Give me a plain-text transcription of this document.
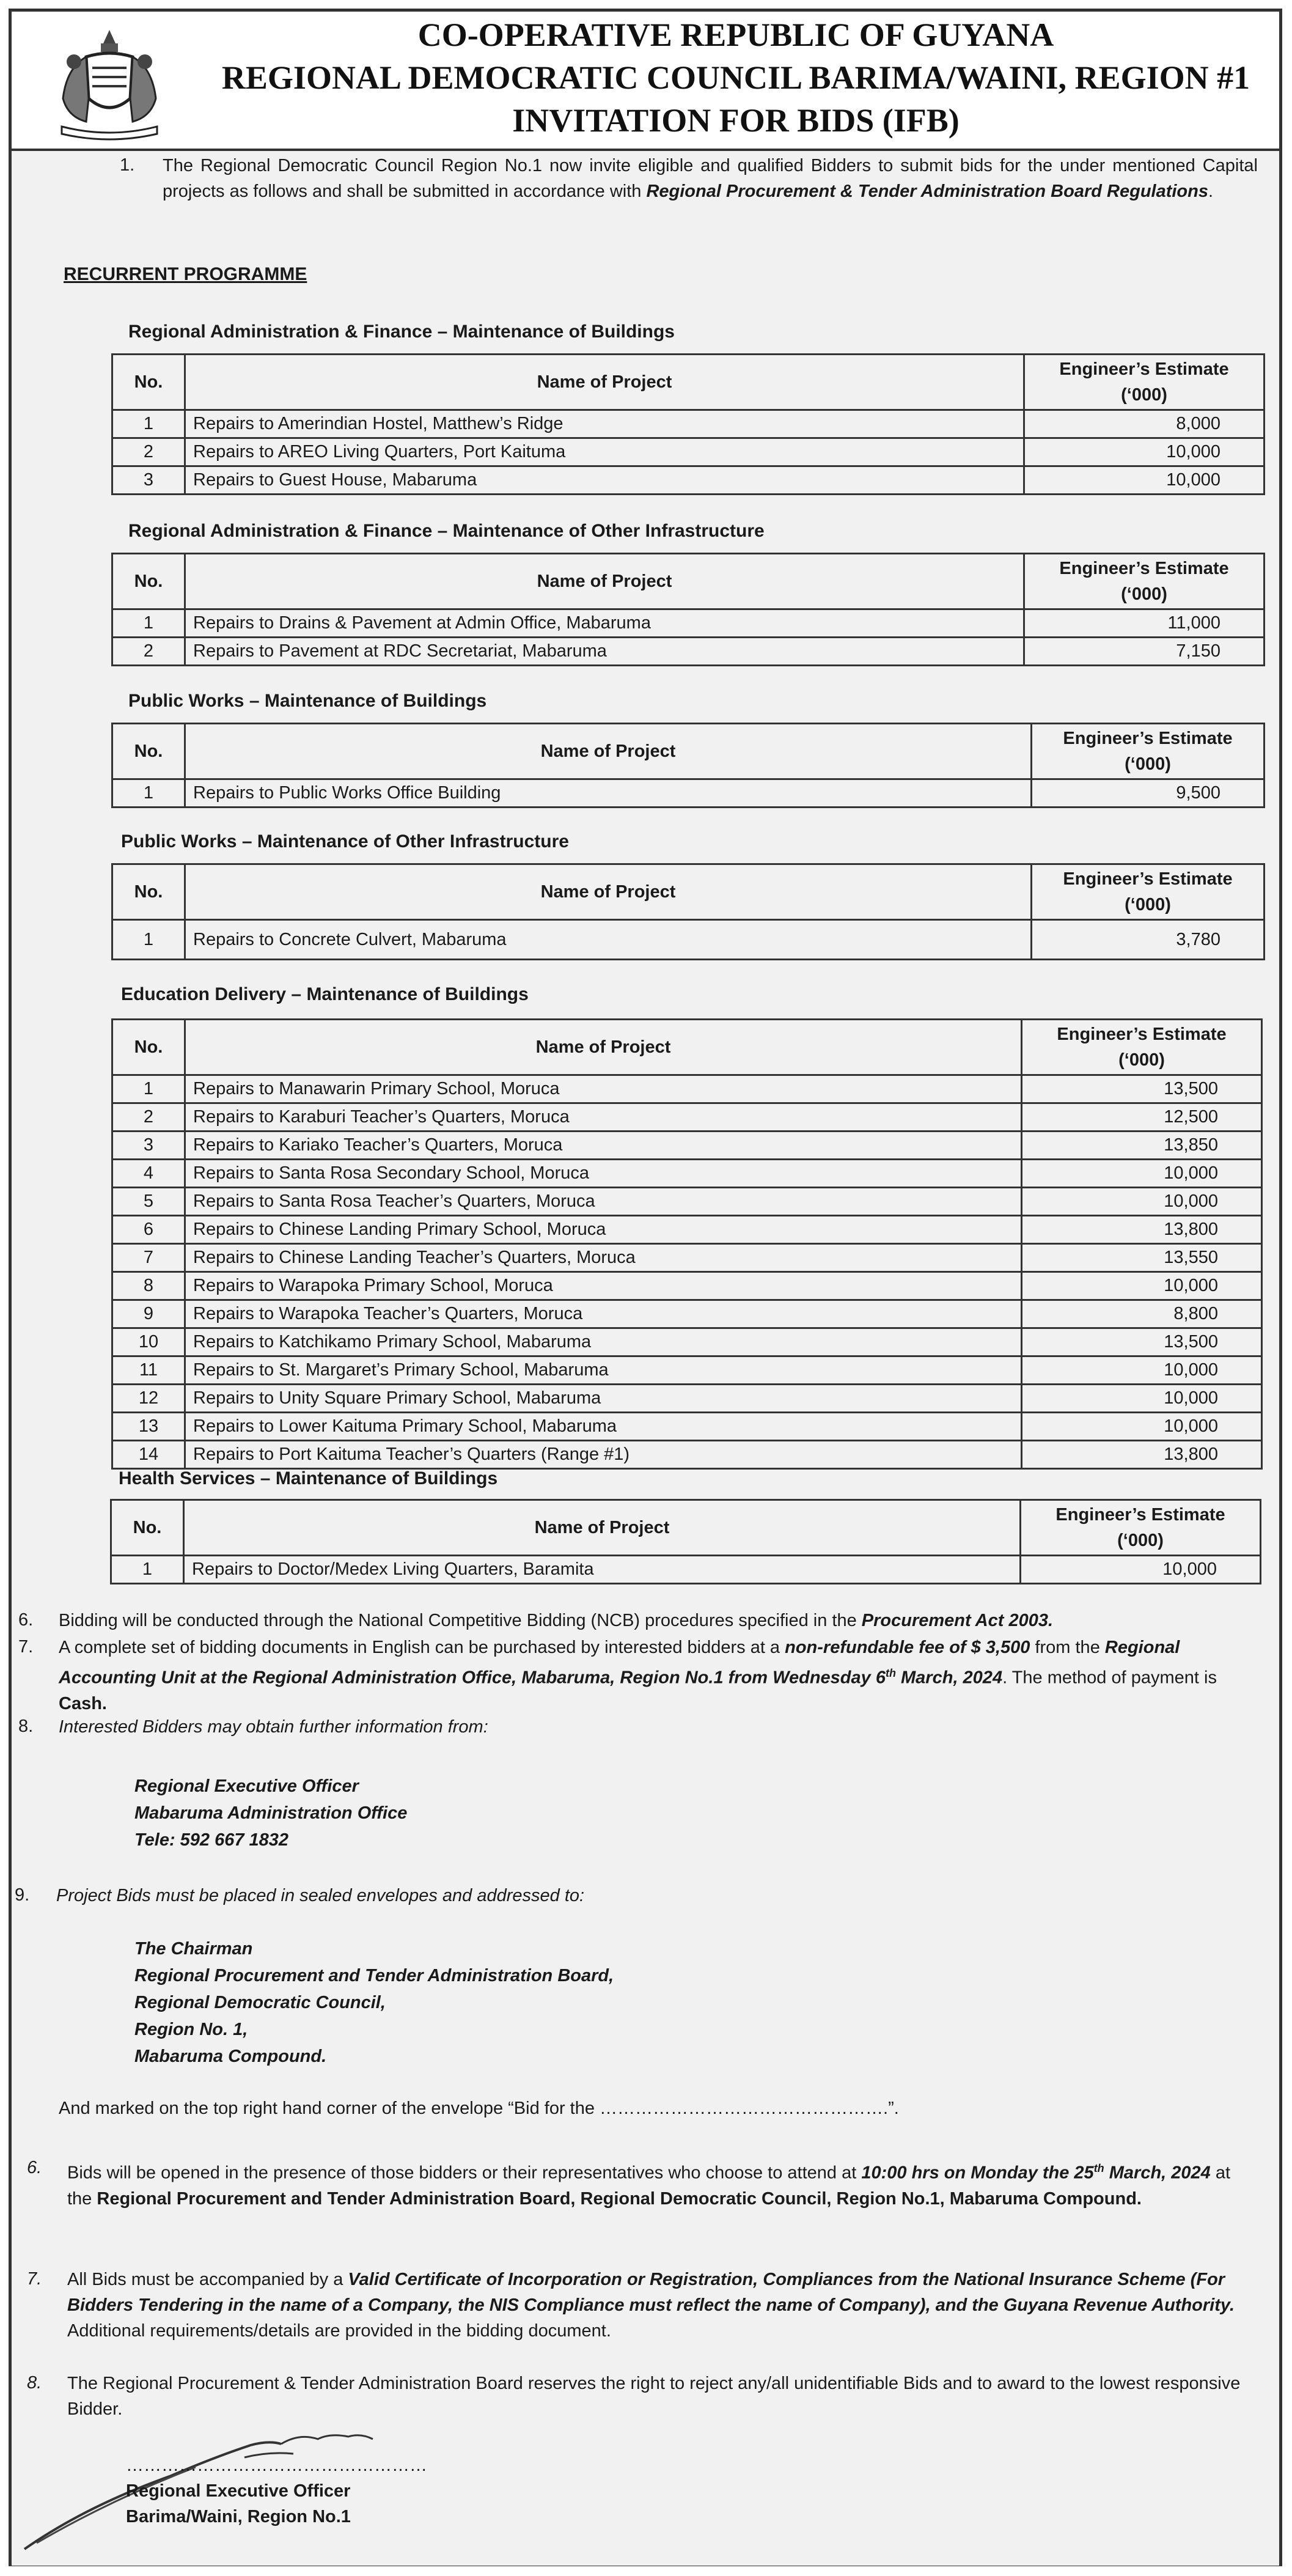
CO-OPERATIVE REPUBLIC OF GUYANA
REGIONAL DEMOCRATIC COUNCIL BARIMA/WAINI, REGION #1
INVITATION FOR BIDS (IFB)
1. The Regional Democratic Council Region No.1 now invite eligible and qualified Bidders to submit bids for the under mentioned Capital projects as follows and shall be submitted in accordance with Regional Procurement & Tender Administration Board Regulations.
RECURRENT PROGRAMME
Regional Administration & Finance – Maintenance of Buildings
No.	Name of Project	Engineer’s Estimate
(‘000)
1	Repairs to Amerindian Hostel, Matthew’s Ridge	8,000
2	Repairs to AREO Living Quarters, Port Kaituma	10,000
3	Repairs to Guest House, Mabaruma	10,000
Regional Administration & Finance – Maintenance of Other Infrastructure
No.	Name of Project	Engineer’s Estimate
(‘000)
1	Repairs to Drains & Pavement at Admin Office, Mabaruma	11,000
2	Repairs to Pavement at RDC Secretariat, Mabaruma	7,150
Public Works – Maintenance of Buildings
No.	Name of Project	Engineer’s Estimate
(‘000)
1	Repairs to Public Works Office Building	9,500
Public Works – Maintenance of Other Infrastructure
No.	Name of Project	Engineer’s Estimate
(‘000)
1	Repairs to Concrete Culvert, Mabaruma	3,780
Education Delivery – Maintenance of Buildings
No.	Name of Project	Engineer’s Estimate
(‘000)
1	Repairs to Manawarin Primary School, Moruca	13,500
2	Repairs to Karaburi Teacher’s Quarters, Moruca	12,500
3	Repairs to Kariako Teacher’s Quarters, Moruca	13,850
4	Repairs to Santa Rosa Secondary School, Moruca	10,000
5	Repairs to Santa Rosa Teacher’s Quarters, Moruca	10,000
6	Repairs to Chinese Landing Primary School, Moruca	13,800
7	Repairs to Chinese Landing Teacher’s Quarters, Moruca	13,550
8	Repairs to Warapoka Primary School, Moruca	10,000
9	Repairs to Warapoka Teacher’s Quarters, Moruca	8,800
10	Repairs to Katchikamo Primary School, Mabaruma	13,500
11	Repairs to St. Margaret’s Primary School, Mabaruma	10,000
12	Repairs to Unity Square Primary School, Mabaruma	10,000
13	Repairs to Lower Kaituma Primary School, Mabaruma	10,000
14	Repairs to Port Kaituma Teacher’s Quarters (Range #1)	13,800
Health Services – Maintenance of Buildings
No.	Name of Project	Engineer’s Estimate
(‘000)
1	Repairs to Doctor/Medex Living Quarters, Baramita	10,000
6. Bidding will be conducted through the National Competitive Bidding (NCB) procedures specified in the Procurement Act 2003.
7. A complete set of bidding documents in English can be purchased by interested bidders at a non-refundable fee of $ 3,500 from the Regional Accounting Unit at the Regional Administration Office, Mabaruma, Region No.1 from Wednesday 6th March, 2024. The method of payment is Cash.
8. Interested Bidders may obtain further information from:
Regional Executive Officer
Mabaruma Administration Office
Tele: 592 667 1832
9. Project Bids must be placed in sealed envelopes and addressed to:
The Chairman
Regional Procurement and Tender Administration Board,
Regional Democratic Council,
Region No. 1,
Mabaruma Compound.
And marked on the top right hand corner of the envelope “Bid for the ………………………………………….”.
6. Bids will be opened in the presence of those bidders or their representatives who choose to attend at 10:00 hrs on Monday the 25th March, 2024 at the Regional Procurement and Tender Administration Board, Regional Democratic Council, Region No.1, Mabaruma Compound.
7. All Bids must be accompanied by a Valid Certificate of Incorporation or Registration, Compliances from the National Insurance Scheme (For Bidders Tendering in the name of a Company, the NIS Compliance must reflect the name of Company), and the Guyana Revenue Authority. Additional requirements/details are provided in the bidding document.
8. The Regional Procurement & Tender Administration Board reserves the right to reject any/all unidentifiable Bids and to award to the lowest responsive Bidder.
……………………………………………
Regional Executive Officer
Barima/Waini, Region No.1
